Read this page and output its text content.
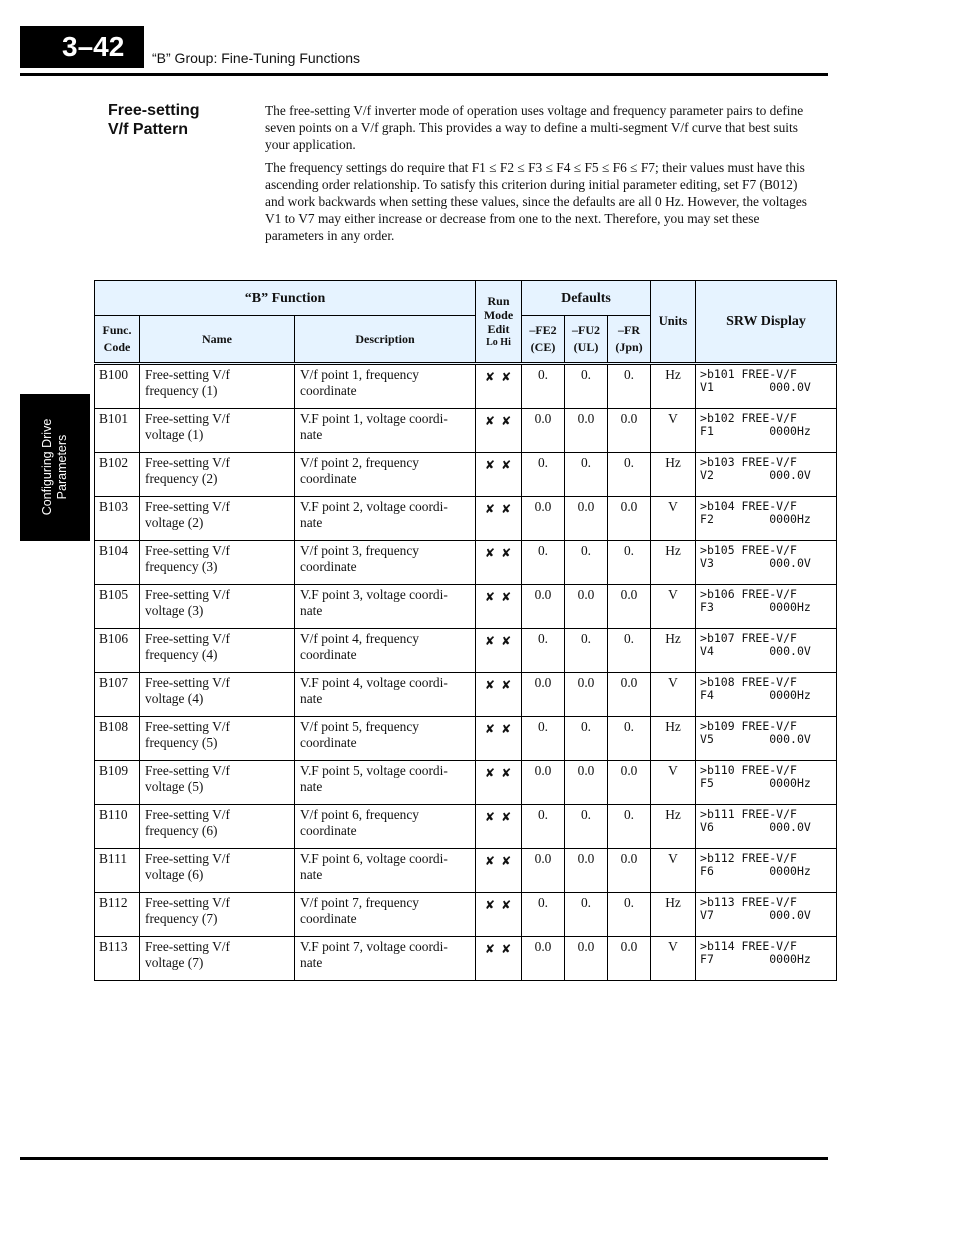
3–42 “B” Group: Fine-Tuning Functions
Configuring Drive Parameters
Free-setting
V/f Pattern

The free-setting V/f inverter mode of operation uses voltage and frequency parameter pairs to define seven points on a V/f graph. This provides a way to define a multi-segment V/f curve that best suits your application.

The frequency settings do require that F1 ≤ F2 ≤ F3 ≤ F4 ≤ F5 ≤ F6 ≤ F7; their values must have this ascending order relationship. To satisfy this criterion during initial parameter editing, set F7 (B012) and work backwards when setting these values, since the defaults are all 0 Hz. However, the voltages V1 to V7 may either increase or decrease from one to the next. Therefore, you may set these parameters in any order.

“B” Function			Run
Mode
Edit
Lo Hi	Defaults			Units	SRW Display
Func.
Code	Name	Description		–FE2
(CE)	–FU2
(UL)	–FR
(Jpn)		
B100	Free-setting V/f
frequency (1)	V/f point 1, frequency
coordinate	✘ ✘	0.	0.	0.	Hz	>b101 FREE-V/F
V1        000.0V

B101	Free-setting V/f
voltage (1)	V.F point 1, voltage coordi-
nate	✘ ✘	0.0	0.0	0.0	V	>b102 FREE-V/F
F1        0000Hz

B102	Free-setting V/f
frequency (2)	V/f point 2, frequency
coordinate	✘ ✘	0.	0.	0.	Hz	>b103 FREE-V/F
V2        000.0V

B103	Free-setting V/f
voltage (2)	V.F point 2, voltage coordi-
nate	✘ ✘	0.0	0.0	0.0	V	>b104 FREE-V/F
F2        0000Hz

B104	Free-setting V/f
frequency (3)	V/f point 3, frequency
coordinate	✘ ✘	0.	0.	0.	Hz	>b105 FREE-V/F
V3        000.0V

B105	Free-setting V/f
voltage (3)	V.F point 3, voltage coordi-
nate	✘ ✘	0.0	0.0	0.0	V	>b106 FREE-V/F
F3        0000Hz

B106	Free-setting V/f
frequency (4)	V/f point 4, frequency
coordinate	✘ ✘	0.	0.	0.	Hz	>b107 FREE-V/F
V4        000.0V

B107	Free-setting V/f
voltage (4)	V.F point 4, voltage coordi-
nate	✘ ✘	0.0	0.0	0.0	V	>b108 FREE-V/F
F4        0000Hz

B108	Free-setting V/f
frequency (5)	V/f point 5, frequency
coordinate	✘ ✘	0.	0.	0.	Hz	>b109 FREE-V/F
V5        000.0V

B109	Free-setting V/f
voltage (5)	V.F point 5, voltage coordi-
nate	✘ ✘	0.0	0.0	0.0	V	>b110 FREE-V/F
F5        0000Hz

B110	Free-setting V/f
frequency (6)	V/f point 6, frequency
coordinate	✘ ✘	0.	0.	0.	Hz	>b111 FREE-V/F
V6        000.0V

B111	Free-setting V/f
voltage (6)	V.F point 6, voltage coordi-
nate	✘ ✘	0.0	0.0	0.0	V	>b112 FREE-V/F
F6        0000Hz

B112	Free-setting V/f
frequency (7)	V/f point 7, frequency
coordinate	✘ ✘	0.	0.	0.	Hz	>b113 FREE-V/F
V7        000.0V

B113	Free-setting V/f
voltage (7)	V.F point 7, voltage coordi-
nate	✘ ✘	0.0	0.0	0.0	V	>b114 FREE-V/F
F7        0000Hz
